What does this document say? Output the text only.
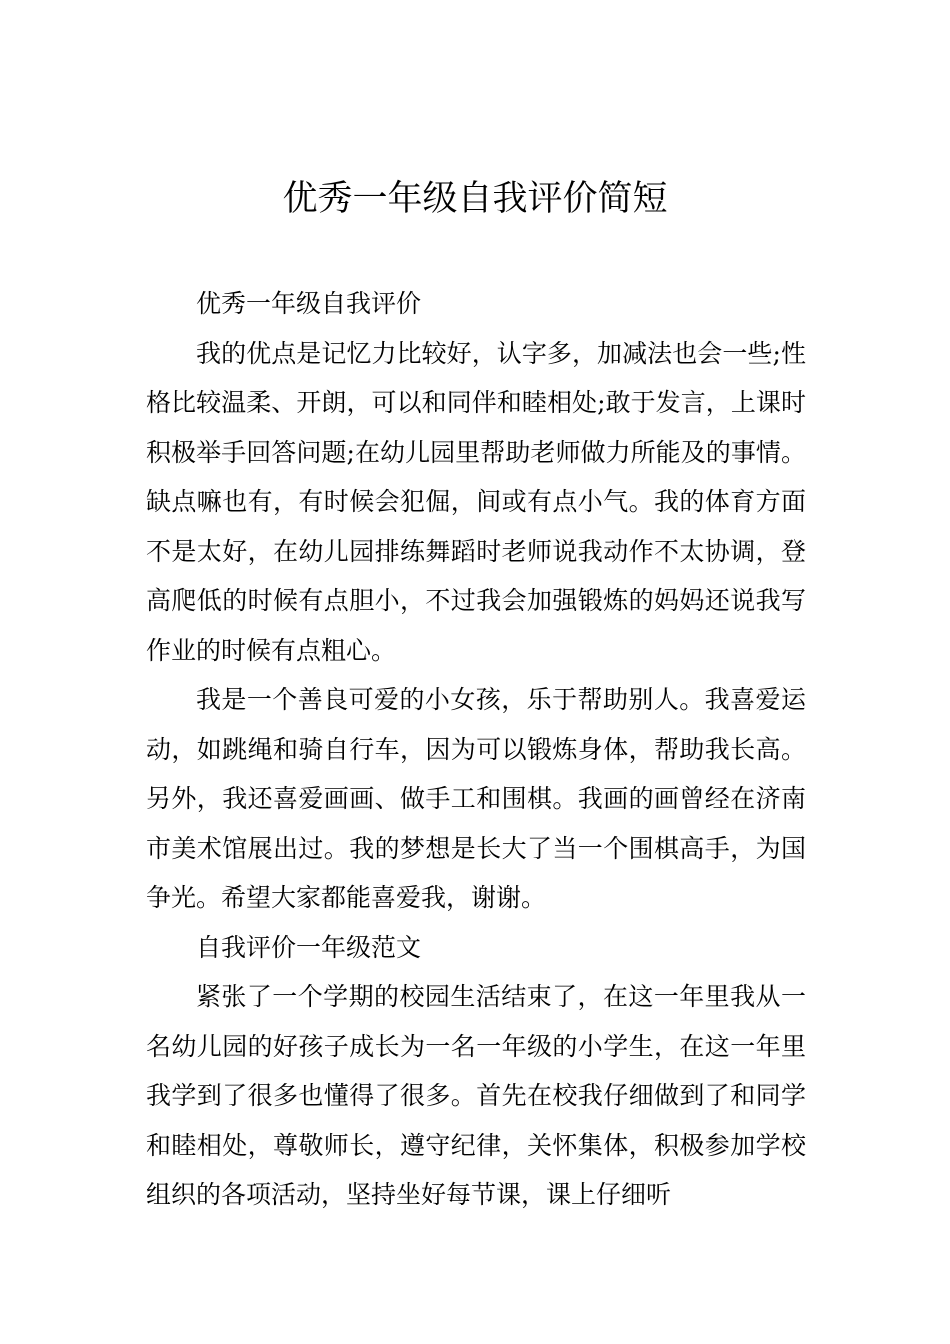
优秀一年级自我评价简短

优秀一年级自我评价

我的优点是记忆力比较好，认字多，加减法也会一些;性格比较温柔、开朗，可以和同伴和睦相处;敢于发言，上课时积极举手回答问题;在幼儿园里帮助老师做力所能及的事情。缺点嘛也有，有时候会犯倔，间或有点小气。我的体育方面不是太好，在幼儿园排练舞蹈时老师说我动作不太协调，登高爬低的时候有点胆小，不过我会加强锻炼的妈妈还说我写作业的时候有点粗心。

我是一个善良可爱的小女孩，乐于帮助别人。我喜爱运动，如跳绳和骑自行车，因为可以锻炼身体，帮助我长高。另外，我还喜爱画画、做手工和围棋。我画的画曾经在济南市美术馆展出过。我的梦想是长大了当一个围棋高手，为国争光。希望大家都能喜爱我，谢谢。

自我评价一年级范文

紧张了一个学期的校园生活结束了，在这一年里我从一名幼儿园的好孩子成长为一名一年级的小学生，在这一年里我学到了很多也懂得了很多。首先在校我仔细做到了和同学和睦相处，尊敬师长，遵守纪律，关怀集体，积极参加学校组织的各项活动，坚持坐好每节课，课上仔细听
